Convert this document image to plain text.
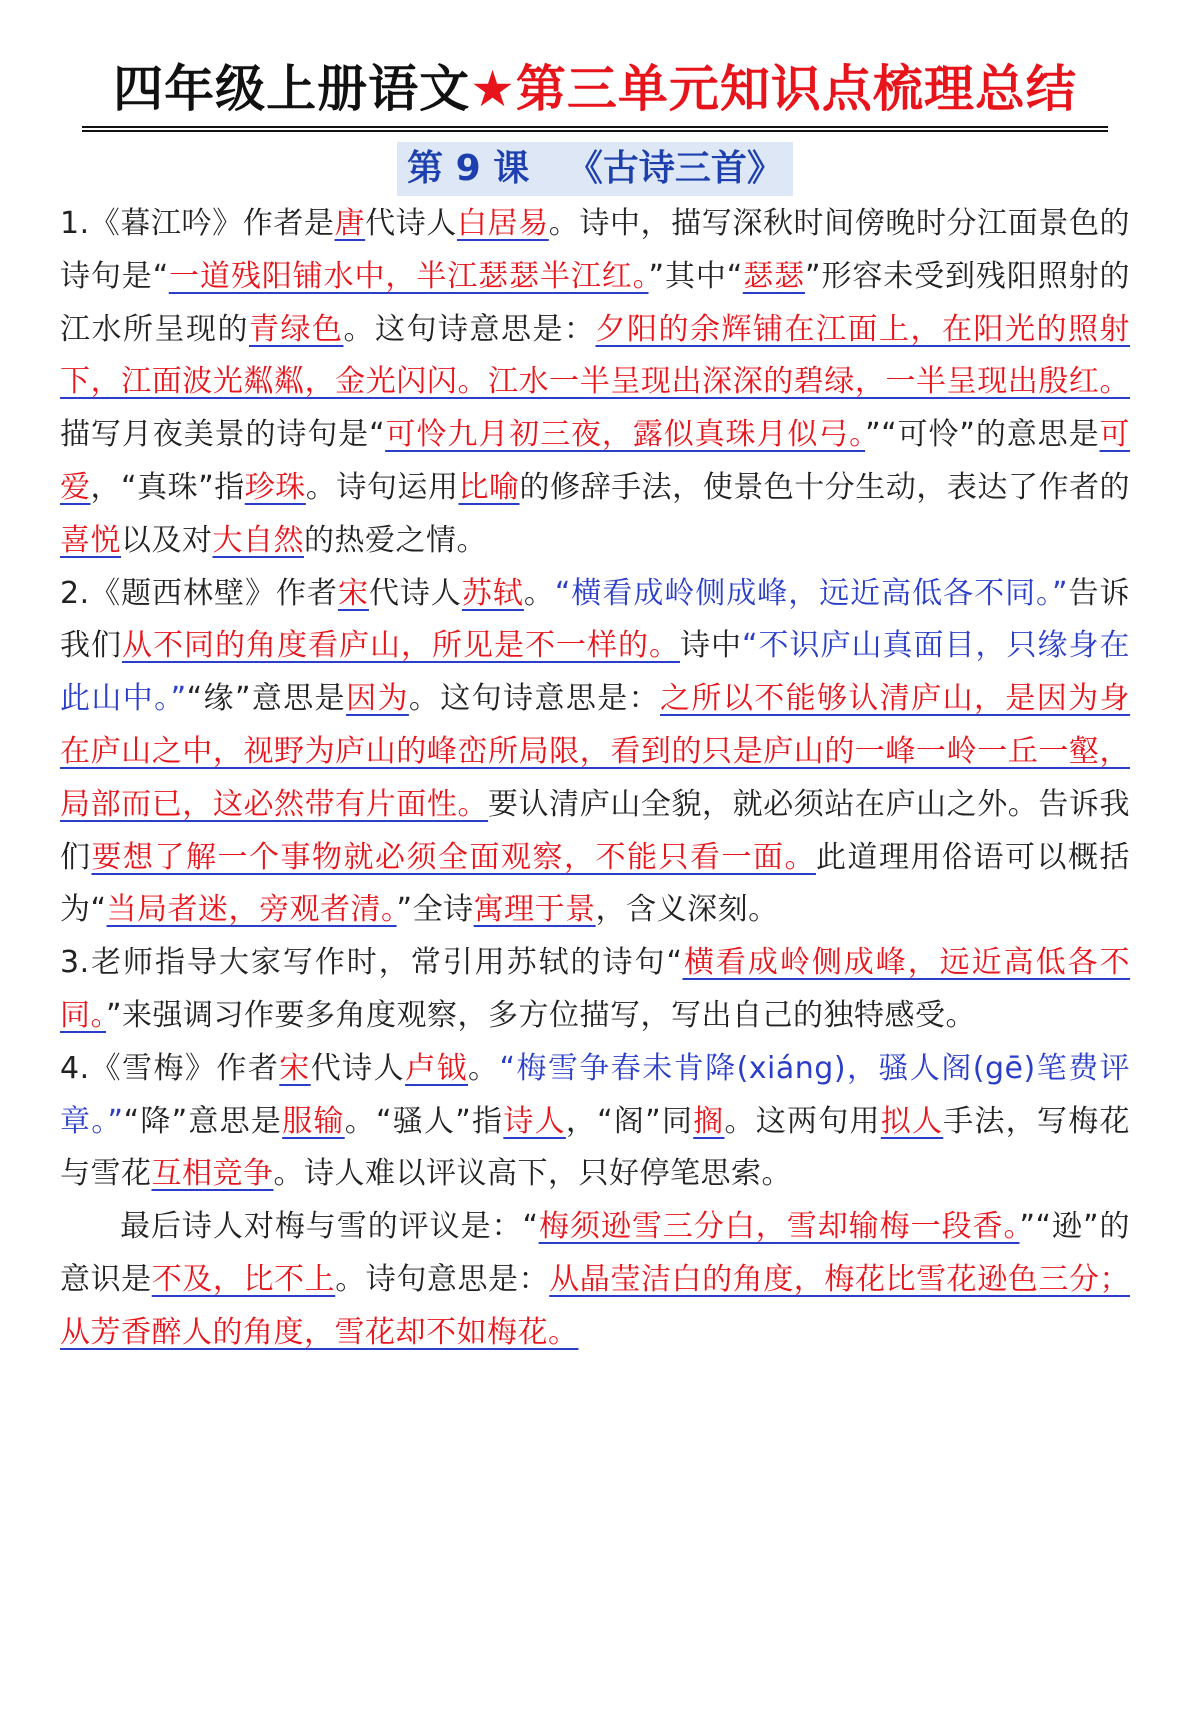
四年级上册语文★第三单元知识点梳理总结
第 9 课   《古诗三首》

1.《暮江吟》作者是唐代诗人白居易。诗中，描写深秋时间傍晚时分江面景色的诗句是“一道残阳铺水中，半江瑟瑟半江红。”其中“瑟瑟”形容未受到残阳照射的江水所呈现的青绿色。这句诗意思是：夕阳的余辉铺在江面上，在阳光的照射下，江面波光粼粼，金光闪闪。江水一半呈现出深深的碧绿，一半呈现出殷红。描写月夜美景的诗句是“可怜九月初三夜，露似真珠月似弓。”“可怜”的意思是可爱，“真珠”指珍珠。诗句运用比喻的修辞手法，使景色十分生动，表达了作者的喜悦以及对大自然的热爱之情。

2.《题西林壁》作者宋代诗人苏轼。“横看成岭侧成峰，远近高低各不同。”告诉我们从不同的角度看庐山，所见是不一样的。诗中“不识庐山真面目，只缘身在此山中。”“缘”意思是因为。这句诗意思是：之所以不能够认清庐山，是因为身在庐山之中，视野为庐山的峰峦所局限，看到的只是庐山的一峰一岭一丘一壑，局部而已，这必然带有片面性。要认清庐山全貌，就必须站在庐山之外。告诉我们要想了解一个事物就必须全面观察，不能只看一面。此道理用俗语可以概括为“当局者迷，旁观者清。”全诗寓理于景，含义深刻。

3.老师指导大家写作时，常引用苏轼的诗句“横看成岭侧成峰，远近高低各不同。”来强调习作要多角度观察，多方位描写，写出自己的独特感受。

4.《雪梅》作者宋代诗人卢钺。“梅雪争春未肯降(xiáng)，骚人阁(gē)笔费评章。”“降”意思是服输。“骚人”指诗人，“阁”同搁。这两句用拟人手法，写梅花与雪花互相竞争。诗人难以评议高下，只好停笔思索。

最后诗人对梅与雪的评议是：“梅须逊雪三分白，雪却输梅一段香。”“逊”的意识是不及，比不上。诗句意思是：从晶莹洁白的角度，梅花比雪花逊色三分；从芳香醉人的角度，雪花却不如梅花。
